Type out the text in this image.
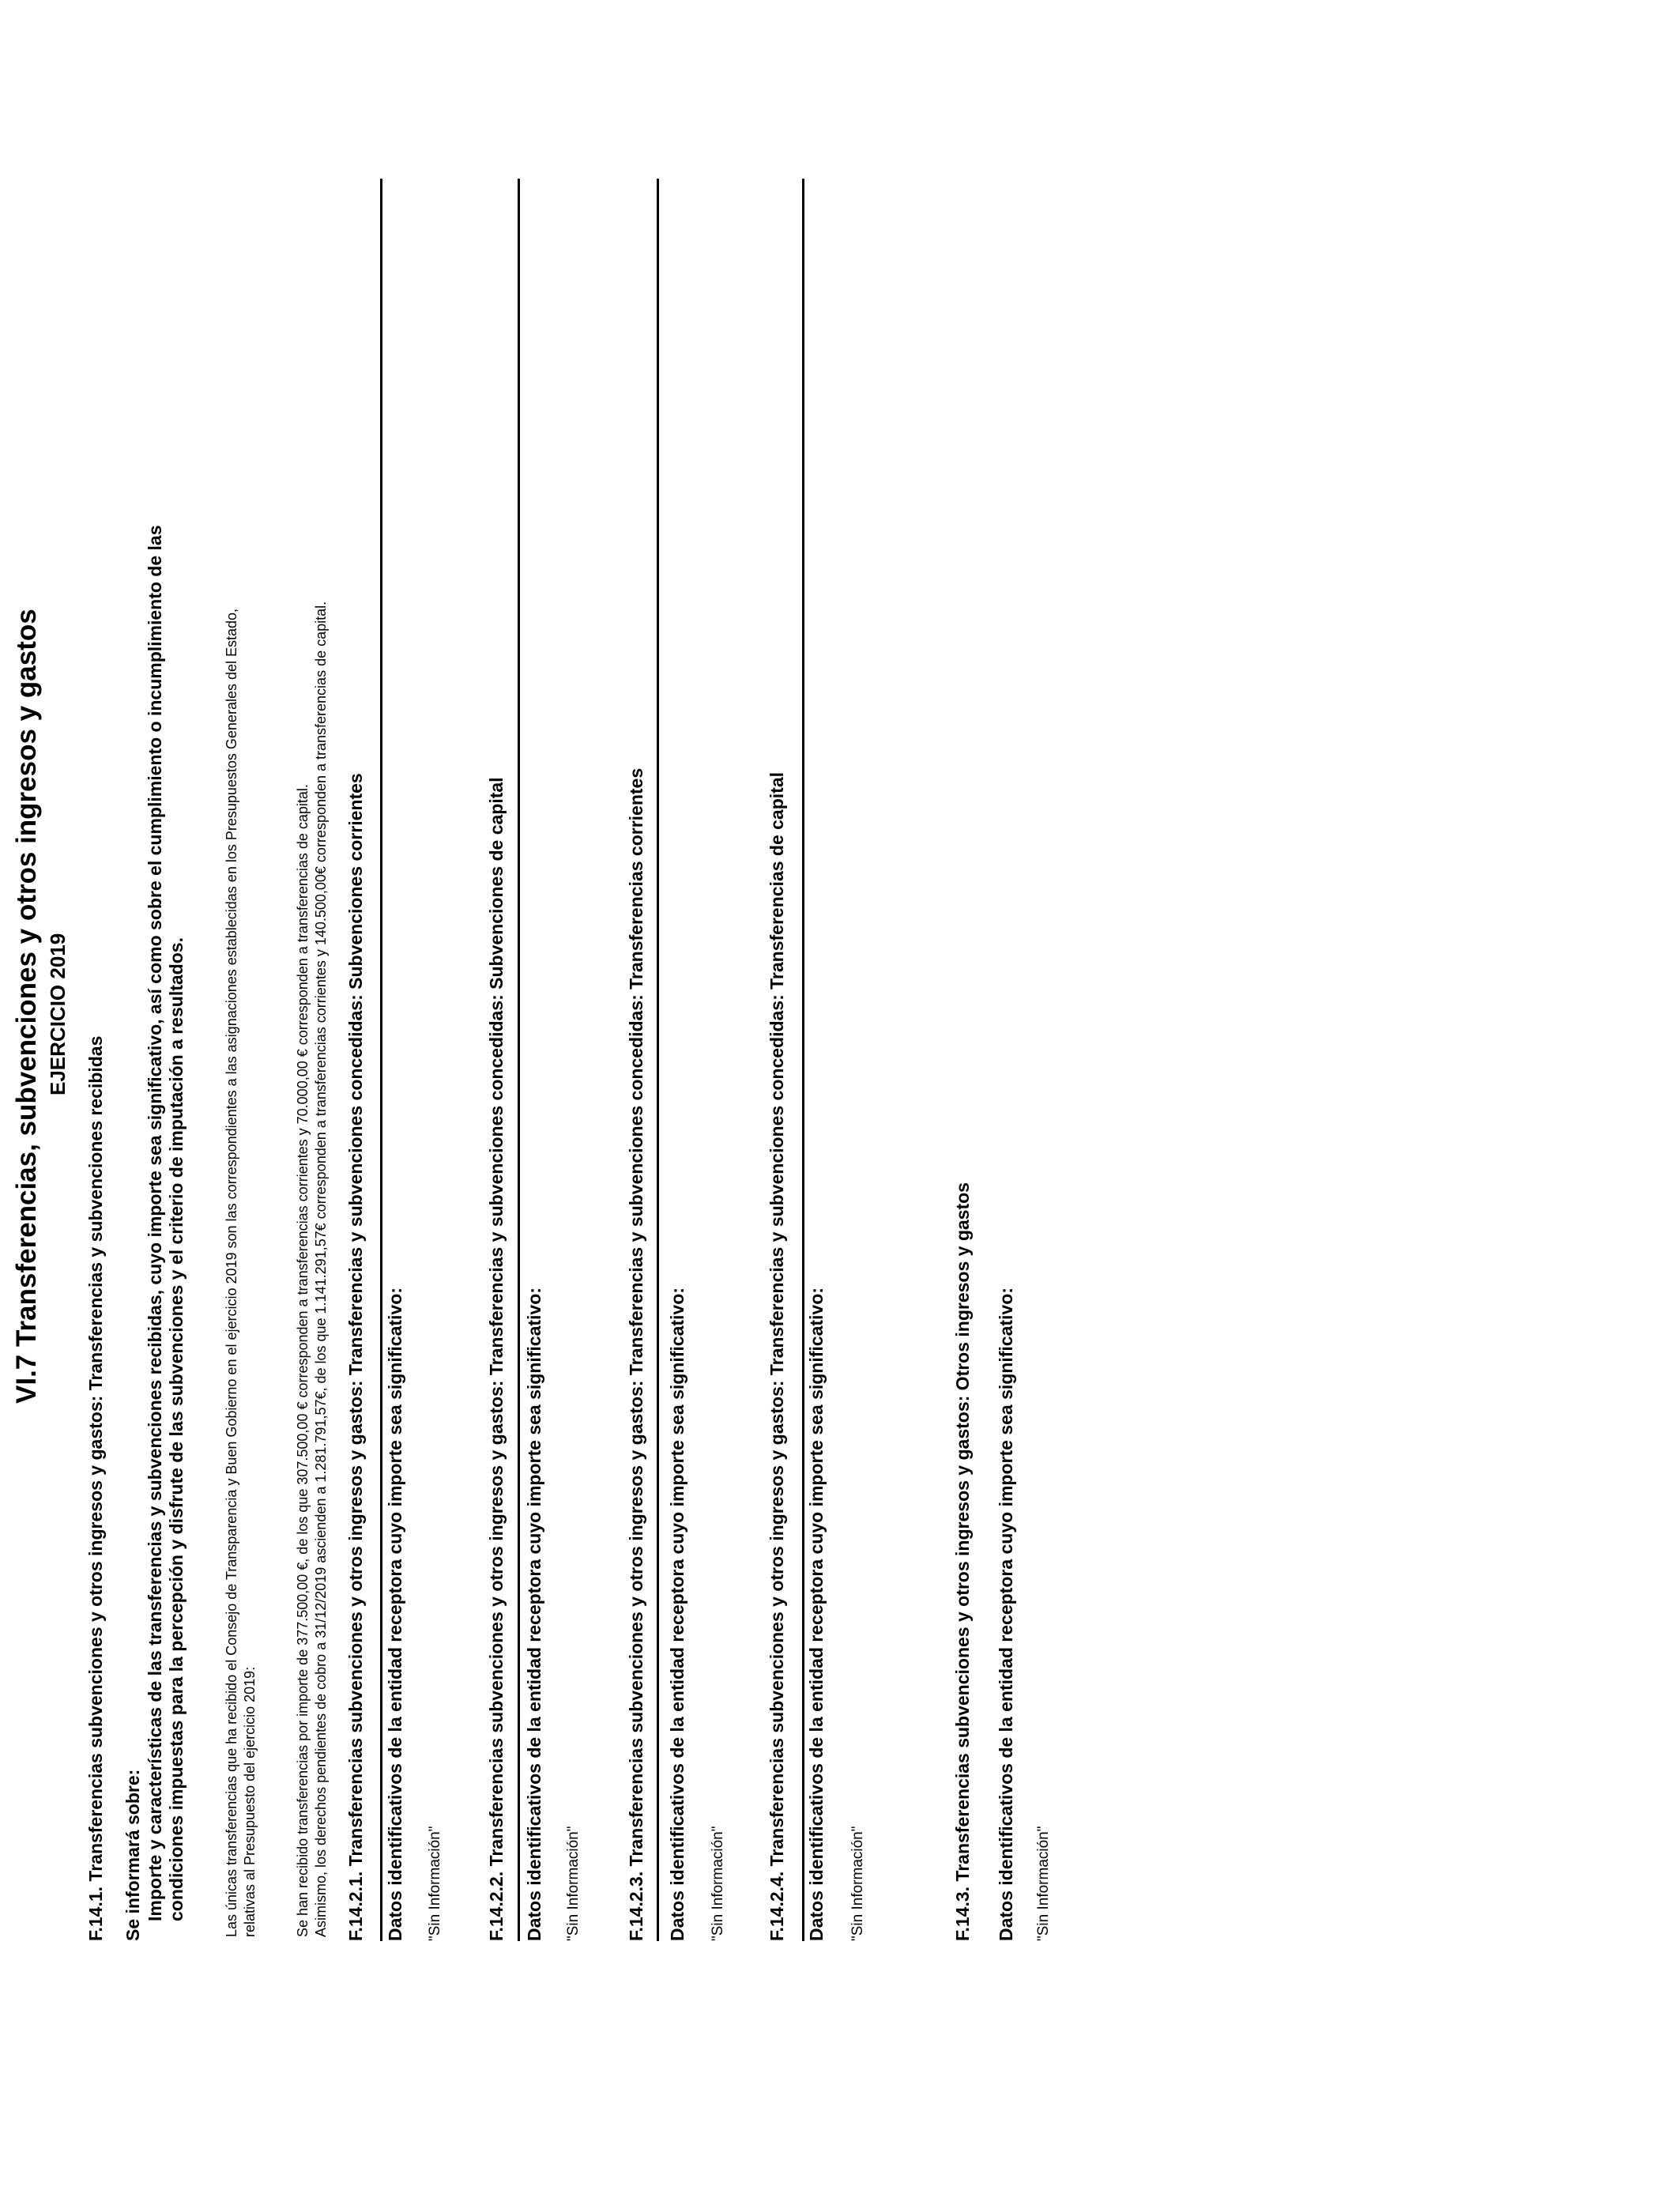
VI.7 Transferencias, subvenciones y otros ingresos y gastos EJERCICIO 2019
F.14.1. Transferencias subvenciones y otros ingresos y gastos: Transferencias y subvenciones recibidas Se informará sobre: Importe y características de las transferencias y subvenciones recibidas, cuyo importe sea significativo, así como sobre el cumplimiento o incumplimiento de las condiciones impuestas para la percepción y disfrute de las subvenciones y el criterio de imputación a resultados.	Las únicas transferencias que ha recibido el Consejo de Transparencia y Buen Gobierno en el ejercicio 2019 son las correspondientes a las asignaciones establecidas en los Presupuestos Generales del Estado, relativas al Presupuesto del ejercicio 2019:	Se han recibido transferencias por importe de 377.500,00 €, de los que 307.500,00 € corresponden a transferencias corrientes y 70.000,00 € corresponden a transferencias de capital. Asimismo, los derechos pendientes de cobro a 31/12/2019 ascienden a 1.281.791,57€, de los que 1.141.291,57€ corresponden a transferencias corrientes y 140.500,00€ corresponden a transferencias de capital. F.14.2.1. Transferencias subvenciones y otros ingresos y gastos: Transferencias y subvenciones concedidas: Subvenciones corrientes Datos identificativos de la entidad receptora cuyo importe sea significativo: "Sin Información" F.14.2.2. Transferencias subvenciones y otros ingresos y gastos: Transferencias y subvenciones concedidas: Subvenciones de capital Datos identificativos de la entidad receptora cuyo importe sea significativo: "Sin Información" F.14.2.3. Transferencias subvenciones y otros ingresos y gastos: Transferencias y subvenciones concedidas: Transferencias corrientes Datos identificativos de la entidad receptora cuyo importe sea significativo: "Sin Información" F.14.2.4. Transferencias subvenciones y otros ingresos y gastos: Transferencias y subvenciones concedidas: Transferencias de capital Datos identificativos de la entidad receptora cuyo importe sea significativo: "Sin Información"	F.14.3. Transferencias subvenciones y otros ingresos y gastos: Otros ingresos y gastos Datos identificativos de la entidad receptora cuyo importe sea significativo: "Sin Información"
